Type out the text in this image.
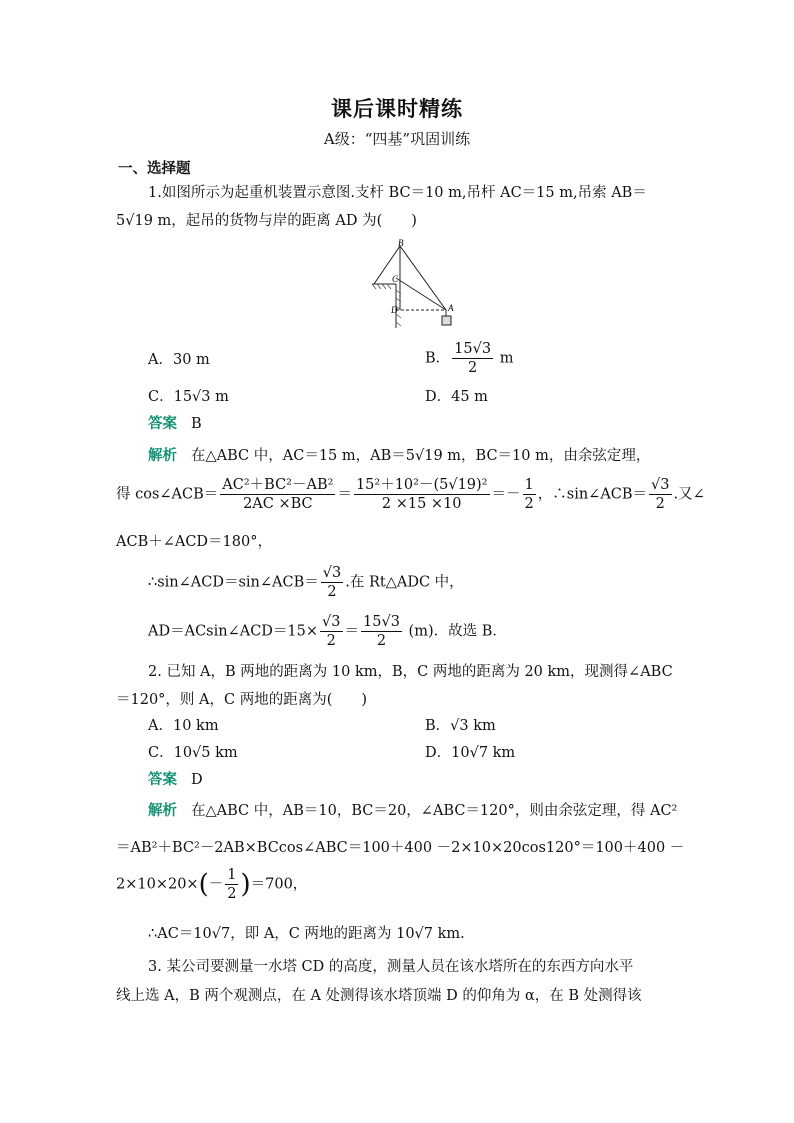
课后课时精练
A级：“四基”巩固训练
一、选择题
1.如图所示为起重机装置示意图.支杆 BC＝10 m,吊杆 AC＝15 m,吊索 AB＝
5√19 m，起吊的货物与岸的距离 AD 为(　　)
B
C
D	A
A．30 m	B． $\frac{15√3}{2}$ m
C．15√3 m	D．45 m
答案 B
解析 在△ABC 中，AC＝15 m，AB＝5√19 m，BC＝10 m，由余弦定理，
得 cos∠ACB＝ $\frac{\text{AC²＋BC²－AB²}}{2AC \times BC} = \frac{\text{15²＋10²－(5√19)²}}{2 \times 15 \times 10} =- \frac{1}{2}$ ，∴sin∠ACB＝ $\frac{√3}{2}$ .又∠
ACB＋∠ACD＝180°，
∴sin∠ACD＝sin∠ACB＝ $\frac{√3}{2}$ .在 Rt△ADC 中，
AD＝ACsin∠ACD＝15× $\frac{√3}{2} = \frac{15√3}{2} (m)$．故选 B．
2. 已知 A，B 两地的距离为 10 km，B，C 两地的距离为 20 km，现测得∠ABC
＝120°，则 A，C 两地的距离为(　　)
A．10 km	B．√3 km
C．10√5 km	D．10√7 km
答案 D
解析 在△ABC 中，AB＝10，BC＝20，∠ABC＝120°，则由余弦定理，得 AC²
＝AB²＋BC²－2AB×BCcos∠ABC＝100＋400 －2×10×20cos120°＝100＋400 －
$2\times 10\times 20\times(- \frac{1}{2} )=700$，
∴AC＝10√7，即 A，C 两地的距离为 10√7 km.
3. 某公司要测量一水塔 CD 的高度，测量人员在该水塔所在的东西方向水平
线上选 A，B 两个观测点，在 A 处测得该水塔顶端 D 的仰角为 α，在 B 处测得该
